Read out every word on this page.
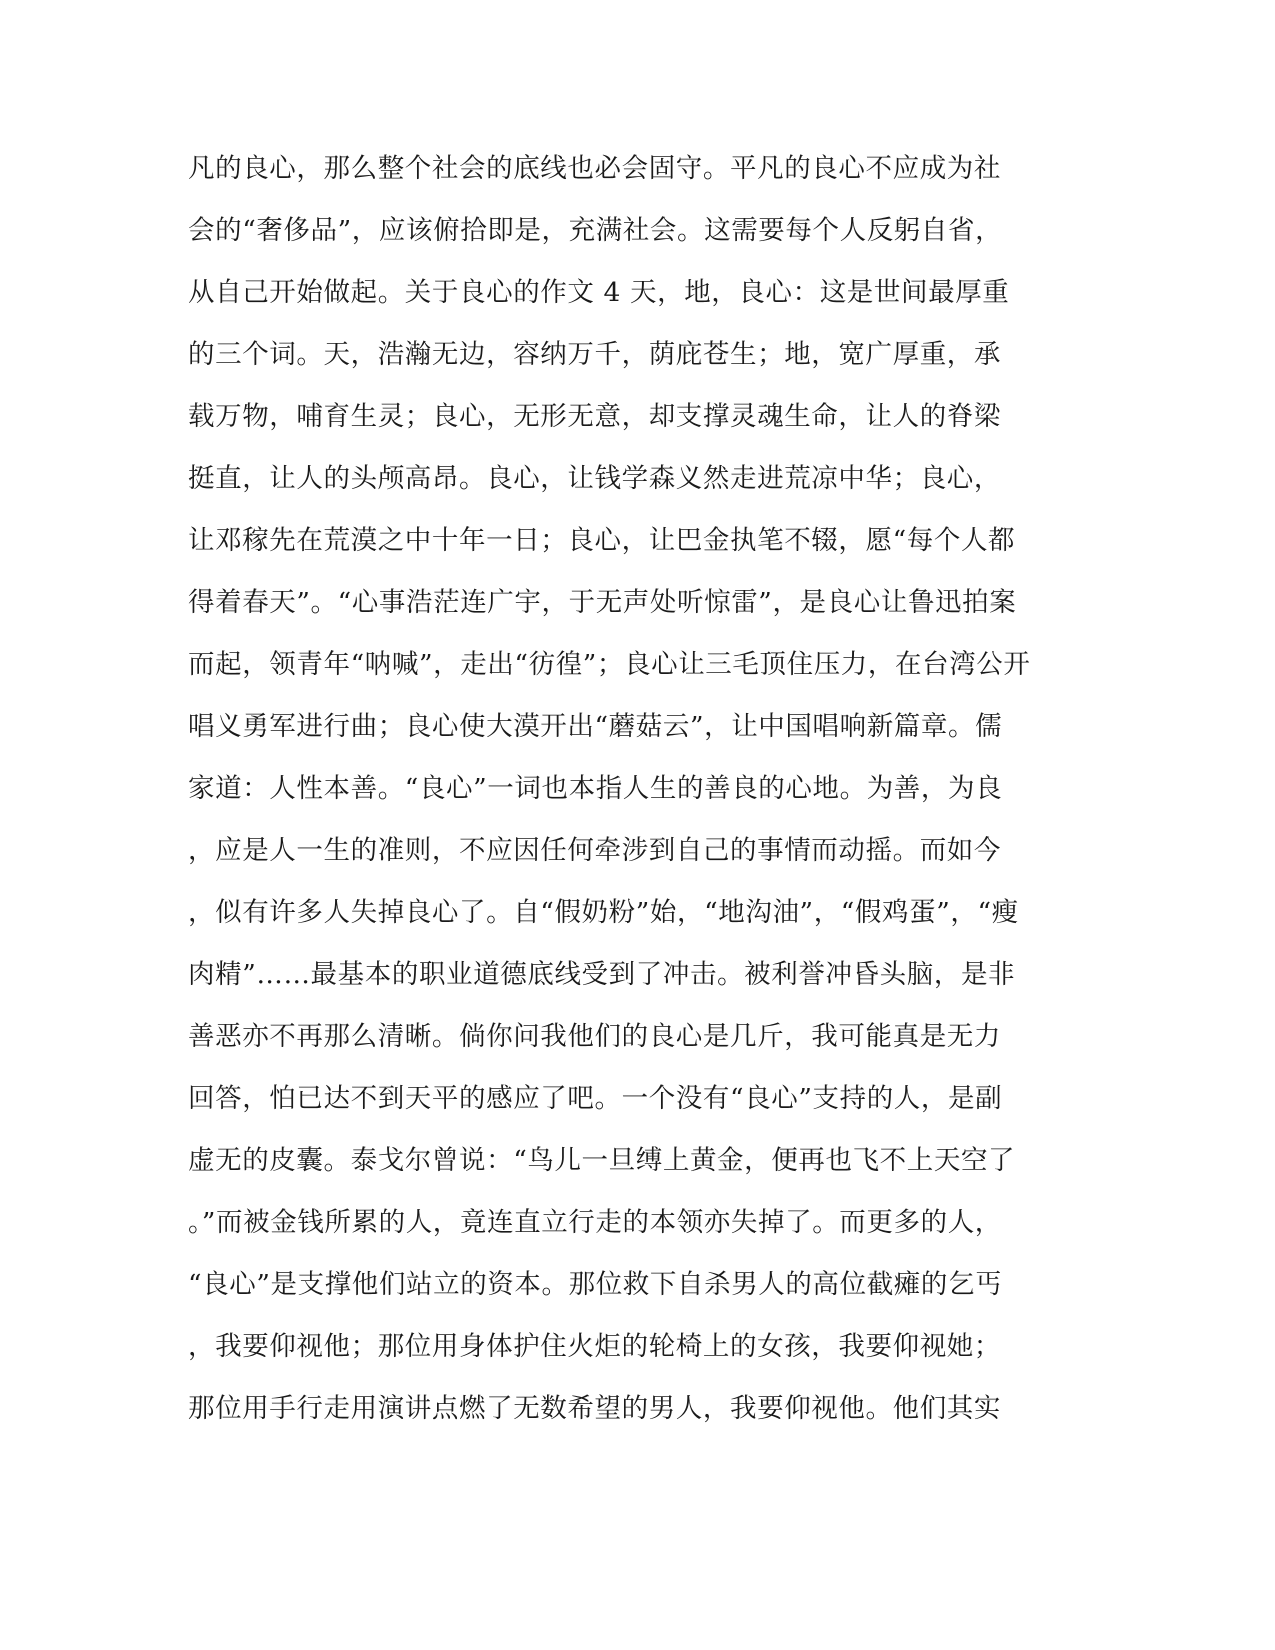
凡的良心，那么整个社会的底线也必会固守。平凡的良心不应成为社
会的“奢侈品”，应该俯拾即是，充满社会。这需要每个人反躬自省，
从自己开始做起。关于良心的作文 4 天，地，良心：这是世间最厚重
的三个词。天，浩瀚无边，容纳万千，荫庇苍生；地，宽广厚重，承
载万物，哺育生灵；良心，无形无意，却支撑灵魂生命，让人的脊梁
挺直，让人的头颅高昂。良心，让钱学森义然走进荒凉中华；良心，
让邓稼先在荒漠之中十年一日；良心，让巴金执笔不辍，愿“每个人都
得着春天”。“心事浩茫连广宇，于无声处听惊雷”，是良心让鲁迅拍案
而起，领青年“呐喊”，走出“彷徨”；良心让三毛顶住压力，在台湾公开
唱义勇军进行曲；良心使大漠开出“蘑菇云”，让中国唱响新篇章。儒
家道：人性本善。“良心”一词也本指人生的善良的心地。为善，为良
，应是人一生的准则，不应因任何牵涉到自己的事情而动摇。而如今
，似有许多人失掉良心了。自“假奶粉”始，“地沟油”，“假鸡蛋”，“瘦
肉精”……最基本的职业道德底线受到了冲击。被利誉冲昏头脑，是非
善恶亦不再那么清晰。倘你问我他们的良心是几斤，我可能真是无力
回答，怕已达不到天平的感应了吧。一个没有“良心”支持的人，是副
虚无的皮囊。泰戈尔曾说：“鸟儿一旦缚上黄金，便再也飞不上天空了
。”而被金钱所累的人，竟连直立行走的本领亦失掉了。而更多的人，
“良心”是支撑他们站立的资本。那位救下自杀男人的高位截瘫的乞丐
，我要仰视他；那位用身体护住火炬的轮椅上的女孩，我要仰视她；
那位用手行走用演讲点燃了无数希望的男人，我要仰视他。他们其实
